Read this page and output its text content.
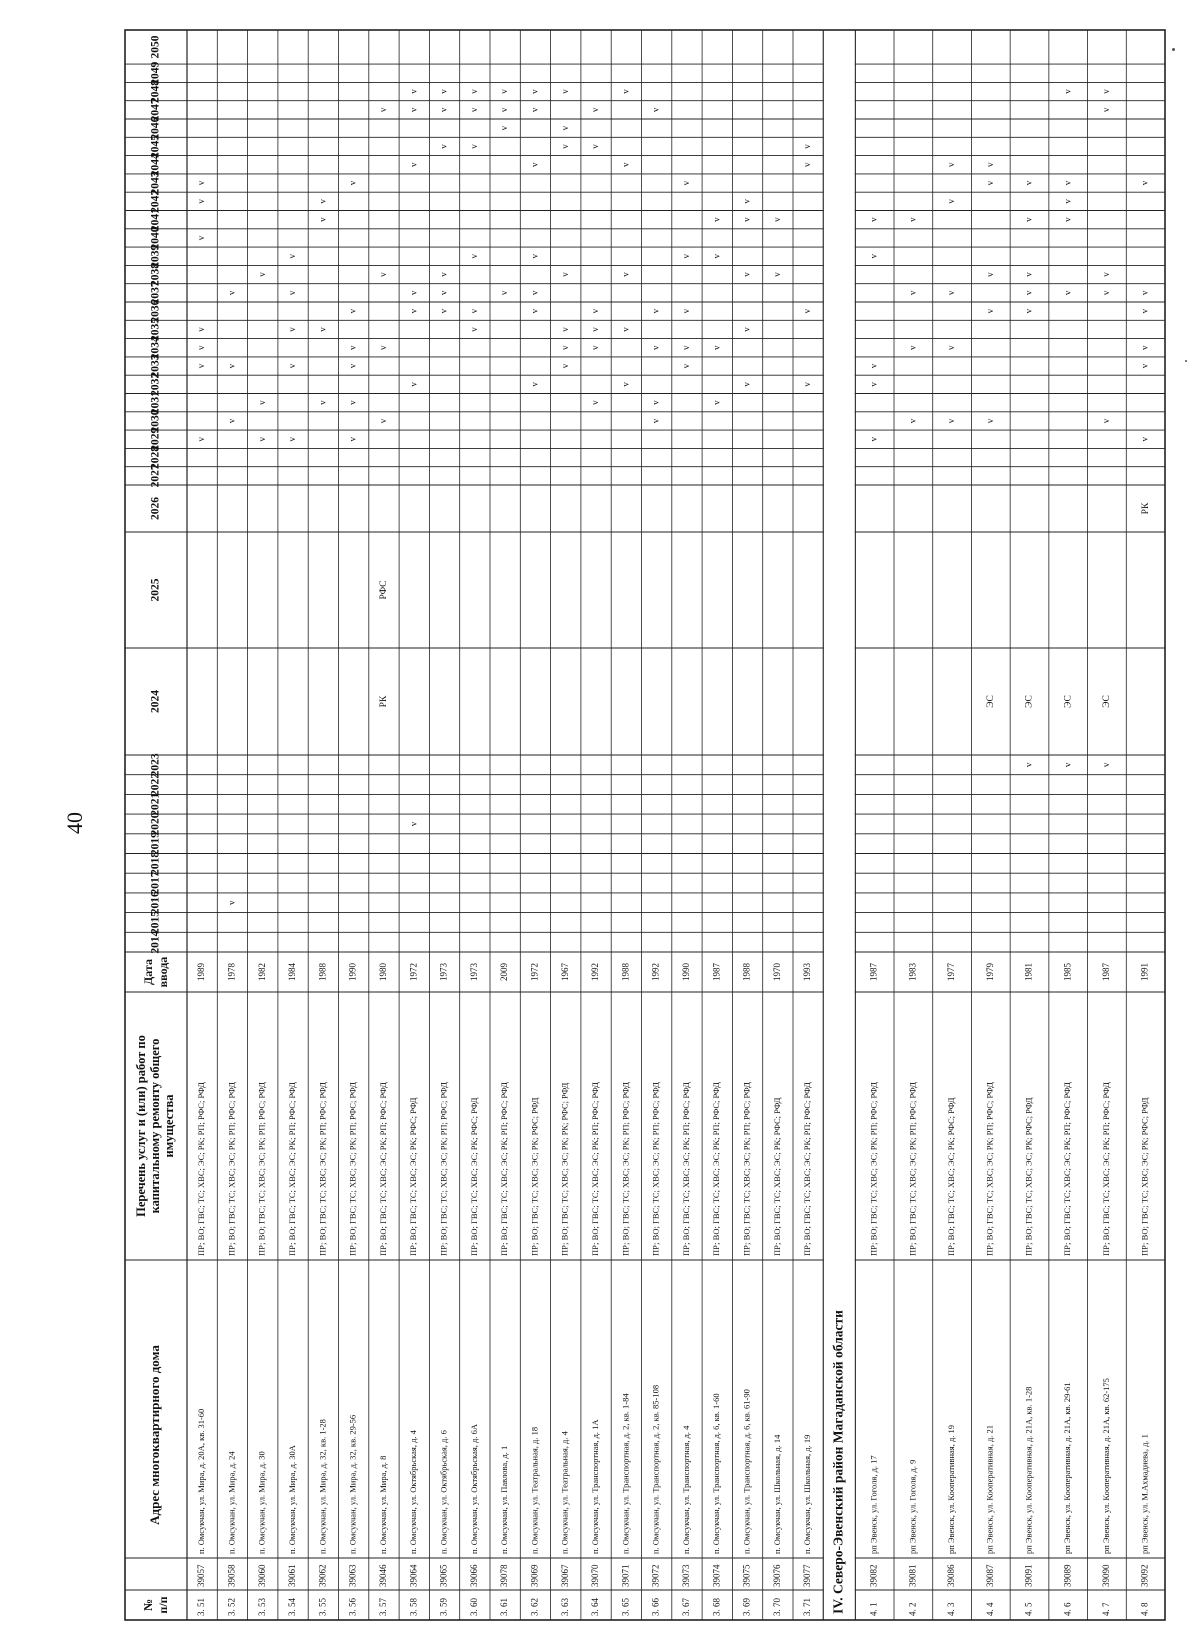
40
№ п/п
Адрес многоквартирного дома
Перечень услуг и (или) работ по капитальному ремонту общего имущества
Дата ввода
2014
2015
2016
2017
2018
2019
2020
2021
2022
2023
2024
2025
2026
2027
2028
2029
2030
2031
2032
2033
2034
2035
2036
2037
2038
2039
2040
2041
2042
2043
2044
2045
2046
2047
2048
2049
2050
IV. Северо-Эвенский район Магаданской области
3. 51
39057
п. Омсукчан, ул. Мира, д. 20А, кв. 31-60
ПР; ВО; ГВС; ТС; ХВС; ЭС; РК; РП; РФС; РФД
1989
v
v
v
v
v
v
v
3. 52
39058
п. Омсукчан, ул. Мира, д. 24
ПР; ВО; ГВС; ТС; ХВС; ЭС; РК; РП; РФС; РФД
1978
v
v
v
v
3. 53
39060
п. Омсукчан, ул. Мира, д. 30
ПР; ВО; ГВС; ТС; ХВС; ЭС; РК; РП; РФС; РФД
1982
v
v
v
3. 54
39061
п. Омсукчан, ул. Мира, д. 30А
ПР; ВО; ГВС; ТС; ХВС; ЭС; РК; РП; РФС; РФД
1984
v
v
v
v
v
3. 55
39062
п. Омсукчан, ул. Мира, д. 32, кв. 1-28
ПР; ВО; ГВС; ТС; ХВС; ЭС; РК; РП; РФС; РФД
1988
v
v
v
v
3. 56
39063
п. Омсукчан, ул. Мира, д. 32, кв. 29-56
ПР; ВО; ГВС; ТС; ХВС; ЭС; РК; РП; РФС; РФД
1990
v
v
v
v
v
v
3. 57
39046
п. Омсукчан, ул. Мира, д. 8
ПР; ВО; ГВС; ТС; ХВС; ЭС; РК; РП; РФС; РФД
1980
РК
РФС
v
v
v
v
3. 58
39064
п. Омсукчан, ул. Октябрьская, д. 4
ПР; ВО; ГВС; ТС; ХВС; ЭС; РК; РФС; РФД
1972
v
v
v
v
v
v
v
3. 59
39065
п. Омсукчан, ул. Октябрьская, д. 6
ПР; ВО; ГВС; ТС; ХВС; ЭС; РК; РП; РФС; РФД
1973
v
v
v
v
v
v
3. 60
39066
п. Омсукчан, ул. Октябрьская, д. 6А
ПР; ВО; ГВС; ТС; ХВС; ЭС; РК; РФС; РФД
1973
v
v
v
v
v
v
3. 61
39078
п. Омсукчан, ул. Павлова, д. 1
ПР; ВО; ГВС; ТС; ХВС; ЭС; РК; РП; РФС; РФД
2009
v
v
v
v
3. 62
39069
п. Омсукчан, ул. Театральная, д. 18
ПР; ВО; ГВС; ТС; ХВС; ЭС; РК; РФС; РФД
1972
v
v
v
v
v
v
v
3. 63
39067
п. Омсукчан, ул. Театральная, д. 4
ПР; ВО; ГВС; ТС; ХВС; ЭС; РК; РК; РФС; РФД
1967
v
v
v
v
v
v
v
3. 64
39070
п. Омсукчан, ул. Транспортная, д. 1А
ПР; ВО; ГВС; ТС; ХВС; ЭС; РК; РП; РФС; РФД
1992
v
v
v
v
v
v
3. 65
39071
п. Омсукчан, ул. Транспортная, д. 2, кв. 1-84
ПР; ВО; ГВС; ТС; ХВС; ЭС; РК; РП; РФС; РФД
1988
v
v
v
v
v
3. 66
39072
п. Омсукчан, ул. Транспортная, д. 2, кв. 85-108
ПР; ВО; ГВС; ТС; ХВС; ЭС; РК; РП; РФС; РФД
1992
v
v
v
v
v
3. 67
39073
п. Омсукчан, ул. Транспортная, д. 4
ПР; ВО; ГВС; ТС; ХВС; ЭС; РК; РП; РФС; РФД
1990
v
v
v
v
v
3. 68
39074
п. Омсукчан, ул. Транспортная, д. 6, кв. 1-60
ПР; ВО; ГВС; ТС; ХВС; ЭС; РК; РП; РФС; РФД
1987
v
v
v
v
3. 69
39075
п. Омсукчан, ул. Транспортная, д. 6, кв. 61-90
ПР; ВО; ГВС; ТС; ХВС; ЭС; РК; РП; РФС; РФД
1988
v
v
v
v
v
3. 70
39076
п. Омсукчан, ул. Школьная, д. 14
ПР; ВО; ГВС; ТС; ХВС; ЭС; РК; РФС; РФД
1970
v
v
3. 71
39077
п. Омсукчан, ул. Школьная, д. 19
ПР; ВО; ГВС; ТС; ХВС; ЭС; РК; РП; РФС; РФД
1993
v
v
v
v
4. 1
39082
рп Эвенск, ул. Гоголя, д. 17
ПР; ВО; ГВС; ТС; ХВС; ЭС; РК; РП; РФС; РФД
1987
v
v
v
v
v
4. 2
39081
рп Эвенск, ул. Гоголя, д. 9
ПР; ВО; ГВС; ТС; ХВС; ЭС; РК; РП; РФС; РФД
1983
v
v
v
v
4. 3
39086
рп Эвенск, ул. Кооперативная, д. 19
ПР; ВО; ГВС; ТС; ХВС; ЭС; РК; РФС; РФД
1977
v
v
v
v
v
4. 4
39087
рп Эвенск, ул. Кооперативная, д. 21
ПР; ВО; ГВС; ТС; ХВС; ЭС; РК; РП; РФС; РФД
1979
ЭС
v
v
v
v
v
4. 5
39091
рп Эвенск, ул. Кооперативная, д. 21А, кв. 1-28
ПР; ВО; ГВС; ТС; ХВС; ЭС; РК; РФС; РФД
1981
v
ЭС
v
v
v
v
v
4. 6
39089
рп Эвенск, ул. Кооперативная, д. 21А, кв. 29-61
ПР; ВО; ГВС; ТС; ХВС; ЭС; РК; РП; РФС; РФД
1985
v
ЭС
v
v
v
v
v
4. 7
39090
рп Эвенск, ул. Кооперативная, д. 21А, кв. 62-175
ПР; ВО; ГВС; ТС; ХВС; ЭС; РК; РП; РФС; РФД
1987
v
ЭС
v
v
v
v
v
4. 8
39092
рп Эвенск, ул. М.Ахмадиева, д. 1
ПР; ВО; ГВС; ТС; ХВС; ЭС; РК; РФС; РФД
1991
РК
v
v
v
v
v
v
